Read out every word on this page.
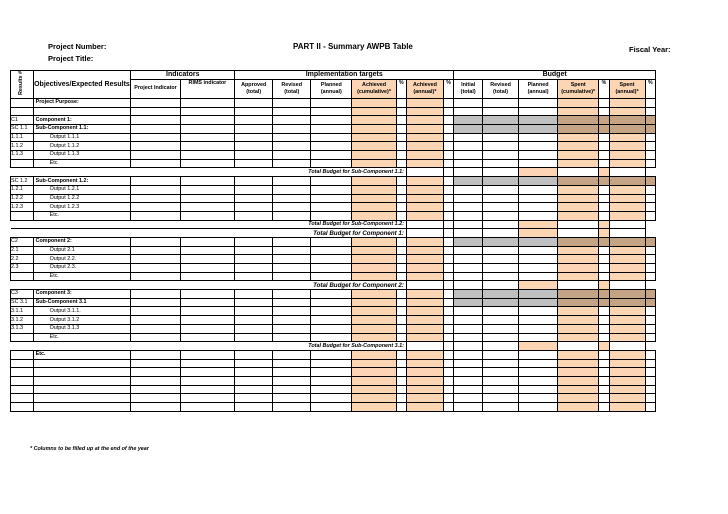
Project Number:
Project Title:
PART II - Summary AWPB Table	Fiscal Year:
Results #	Objectives/Expected Results	Indicators		Implementation targets							Budget						
		Project Indicator	RIMS indicator	Approved (total)	Revised (total)	Planned (annual)	Achieved (cumulative)*	%	Achieved (annual)*	%	Initial (total)	Revised (total)	Planned (annual)	Spent (cumulative)*	%	Spent (annual)*	%

	Project Purpose:																

C1	Component 1:																
SC 1.1	Sub-Component 1.1:																
1.1.1	Output 1.1.1																
1.1.2	Output 1.1.2																
1.1.3	Output 1.1.3																
	Etc.																
Total Budget for Sub-Component 1.1:																	
SC 1.2	Sub-Component 1.2:																
1.2.1	Output 1.2.1																
1.2.2	Output 1.2.2																
1.2.3	Output 1.2.3																
	Etc.																
Total Budget for Sub-Component 1.2:																	
Total Budget for Component 1:																	
C2	Component 2:																
2.1	Output 2.1																
2.2	Output 2.2.																
2.3	Output 2.3.																
	Etc.																
Total Budget for Component 2:																	
C3	Component 3:																
SC 3.1	Sub-Component 3.1																
3.1.1	Output 3.1.1.																
3.1.2	Output 3.1.2																
3.1.3	Output 3.1.3																
	Etc.																
Total Budget for Sub-Component 3.1:																	
	Etc.																

* Columns to be filled up at the end of the year
